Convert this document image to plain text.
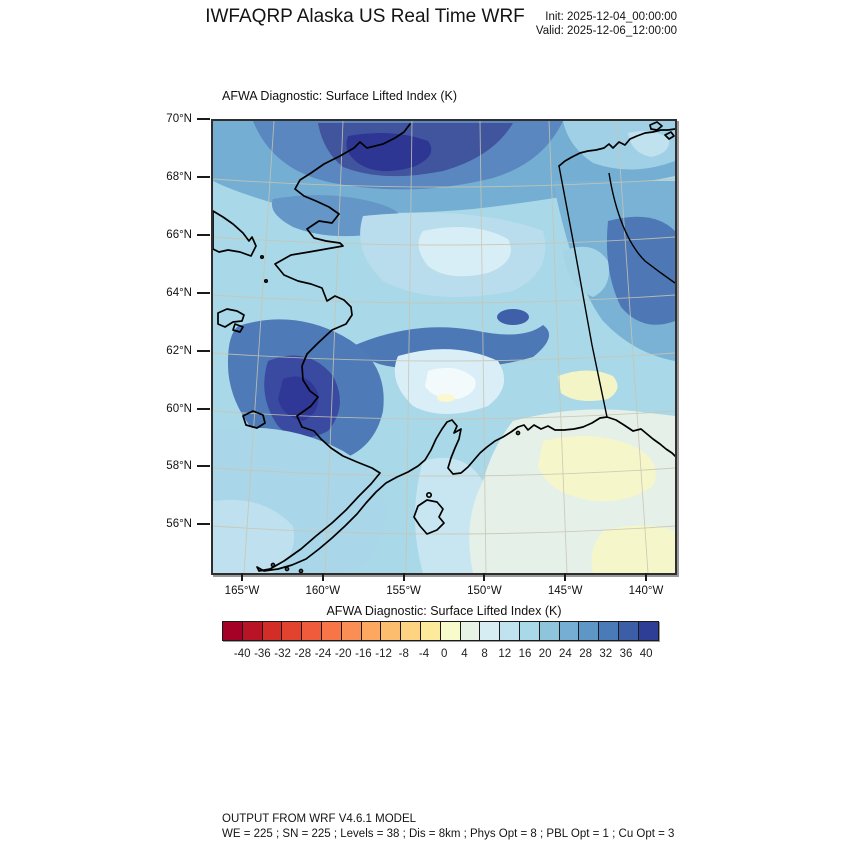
IWFAQRP Alaska US Real Time WRF	Init: 2025-12-04_00:00:00
Valid: 2025-12-06_12:00:00
AFWA Diagnostic: Surface Lifted Index (K)
70°N
68°N
66°N
64°N
62°N
60°N
58°N
56°N
165°W	160°W	155°W	150°W	145°W	140°W
AFWA Diagnostic: Surface Lifted Index (K)
-40 -36 -32 -28 -24 -20 -16 -12 -8 -4 0 4 8 12 16 20 24 28 32 36 40
OUTPUT FROM WRF V4.6.1 MODEL
WE = 225 ; SN = 225 ; Levels = 38 ; Dis = 8km ; Phys Opt = 8 ; PBL Opt = 1 ; Cu Opt = 3
